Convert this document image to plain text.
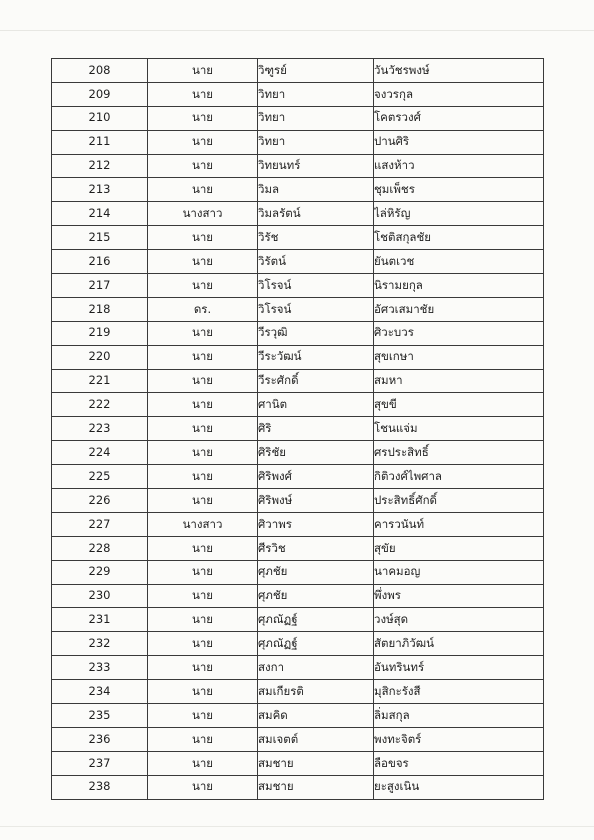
208	นาย	วิฑูรย์	วันวัชรพงษ์
209	นาย	วิทยา	จงวรกุล
210	นาย	วิทยา	โคตรวงศ์
211	นาย	วิทยา	ปานศิริ
212	นาย	วิทยนทร์	แสงห้าว
213	นาย	วิมล	ชุมเพ็ชร
214	นางสาว	วิมลรัตน์	ไล่หิรัญ
215	นาย	วิรัช	โชติสกุลชัย
216	นาย	วิรัตน์	ยันตเวช
217	นาย	วิโรจน์	นิรามยกุล
218	ดร.	วิโรจน์	อัศวเสมาชัย
219	นาย	วีรวุฒิ	ศิวะบวร
220	นาย	วีระวัฒน์	สุขเกษา
221	นาย	วีระศักดิ์	สมหา
222	นาย	ศานิต	สุขขี
223	นาย	ศิริ	โชนแจ่ม
224	นาย	ศิริชัย	ศรประสิทธิ์
225	นาย	ศิริพงศ์	กิติวงศ์ไพศาล
226	นาย	ศิริพงษ์	ประสิทธิ์ศักดิ์
227	นางสาว	ศิวาพร	คารวนันท์
228	นาย	ศีรวิช	สุขัย
229	นาย	ศุภชัย	นาคมอญ
230	นาย	ศุภชัย	พึ่งพร
231	นาย	ศุภณัฏฐ์	วงษ์สุด
232	นาย	ศุภณัฏฐ์	สัตยาภิวัฒน์
233	นาย	สงกา	อันทรินทร์
234	นาย	สมเกียรติ	มุสิกะรังสี
235	นาย	สมคิด	ลิ่มสกุล
236	นาย	สมเจตต์	พงทะจิตร์
237	นาย	สมชาย	ลือขจร
238	นาย	สมชาย	ยะสูงเนิน
